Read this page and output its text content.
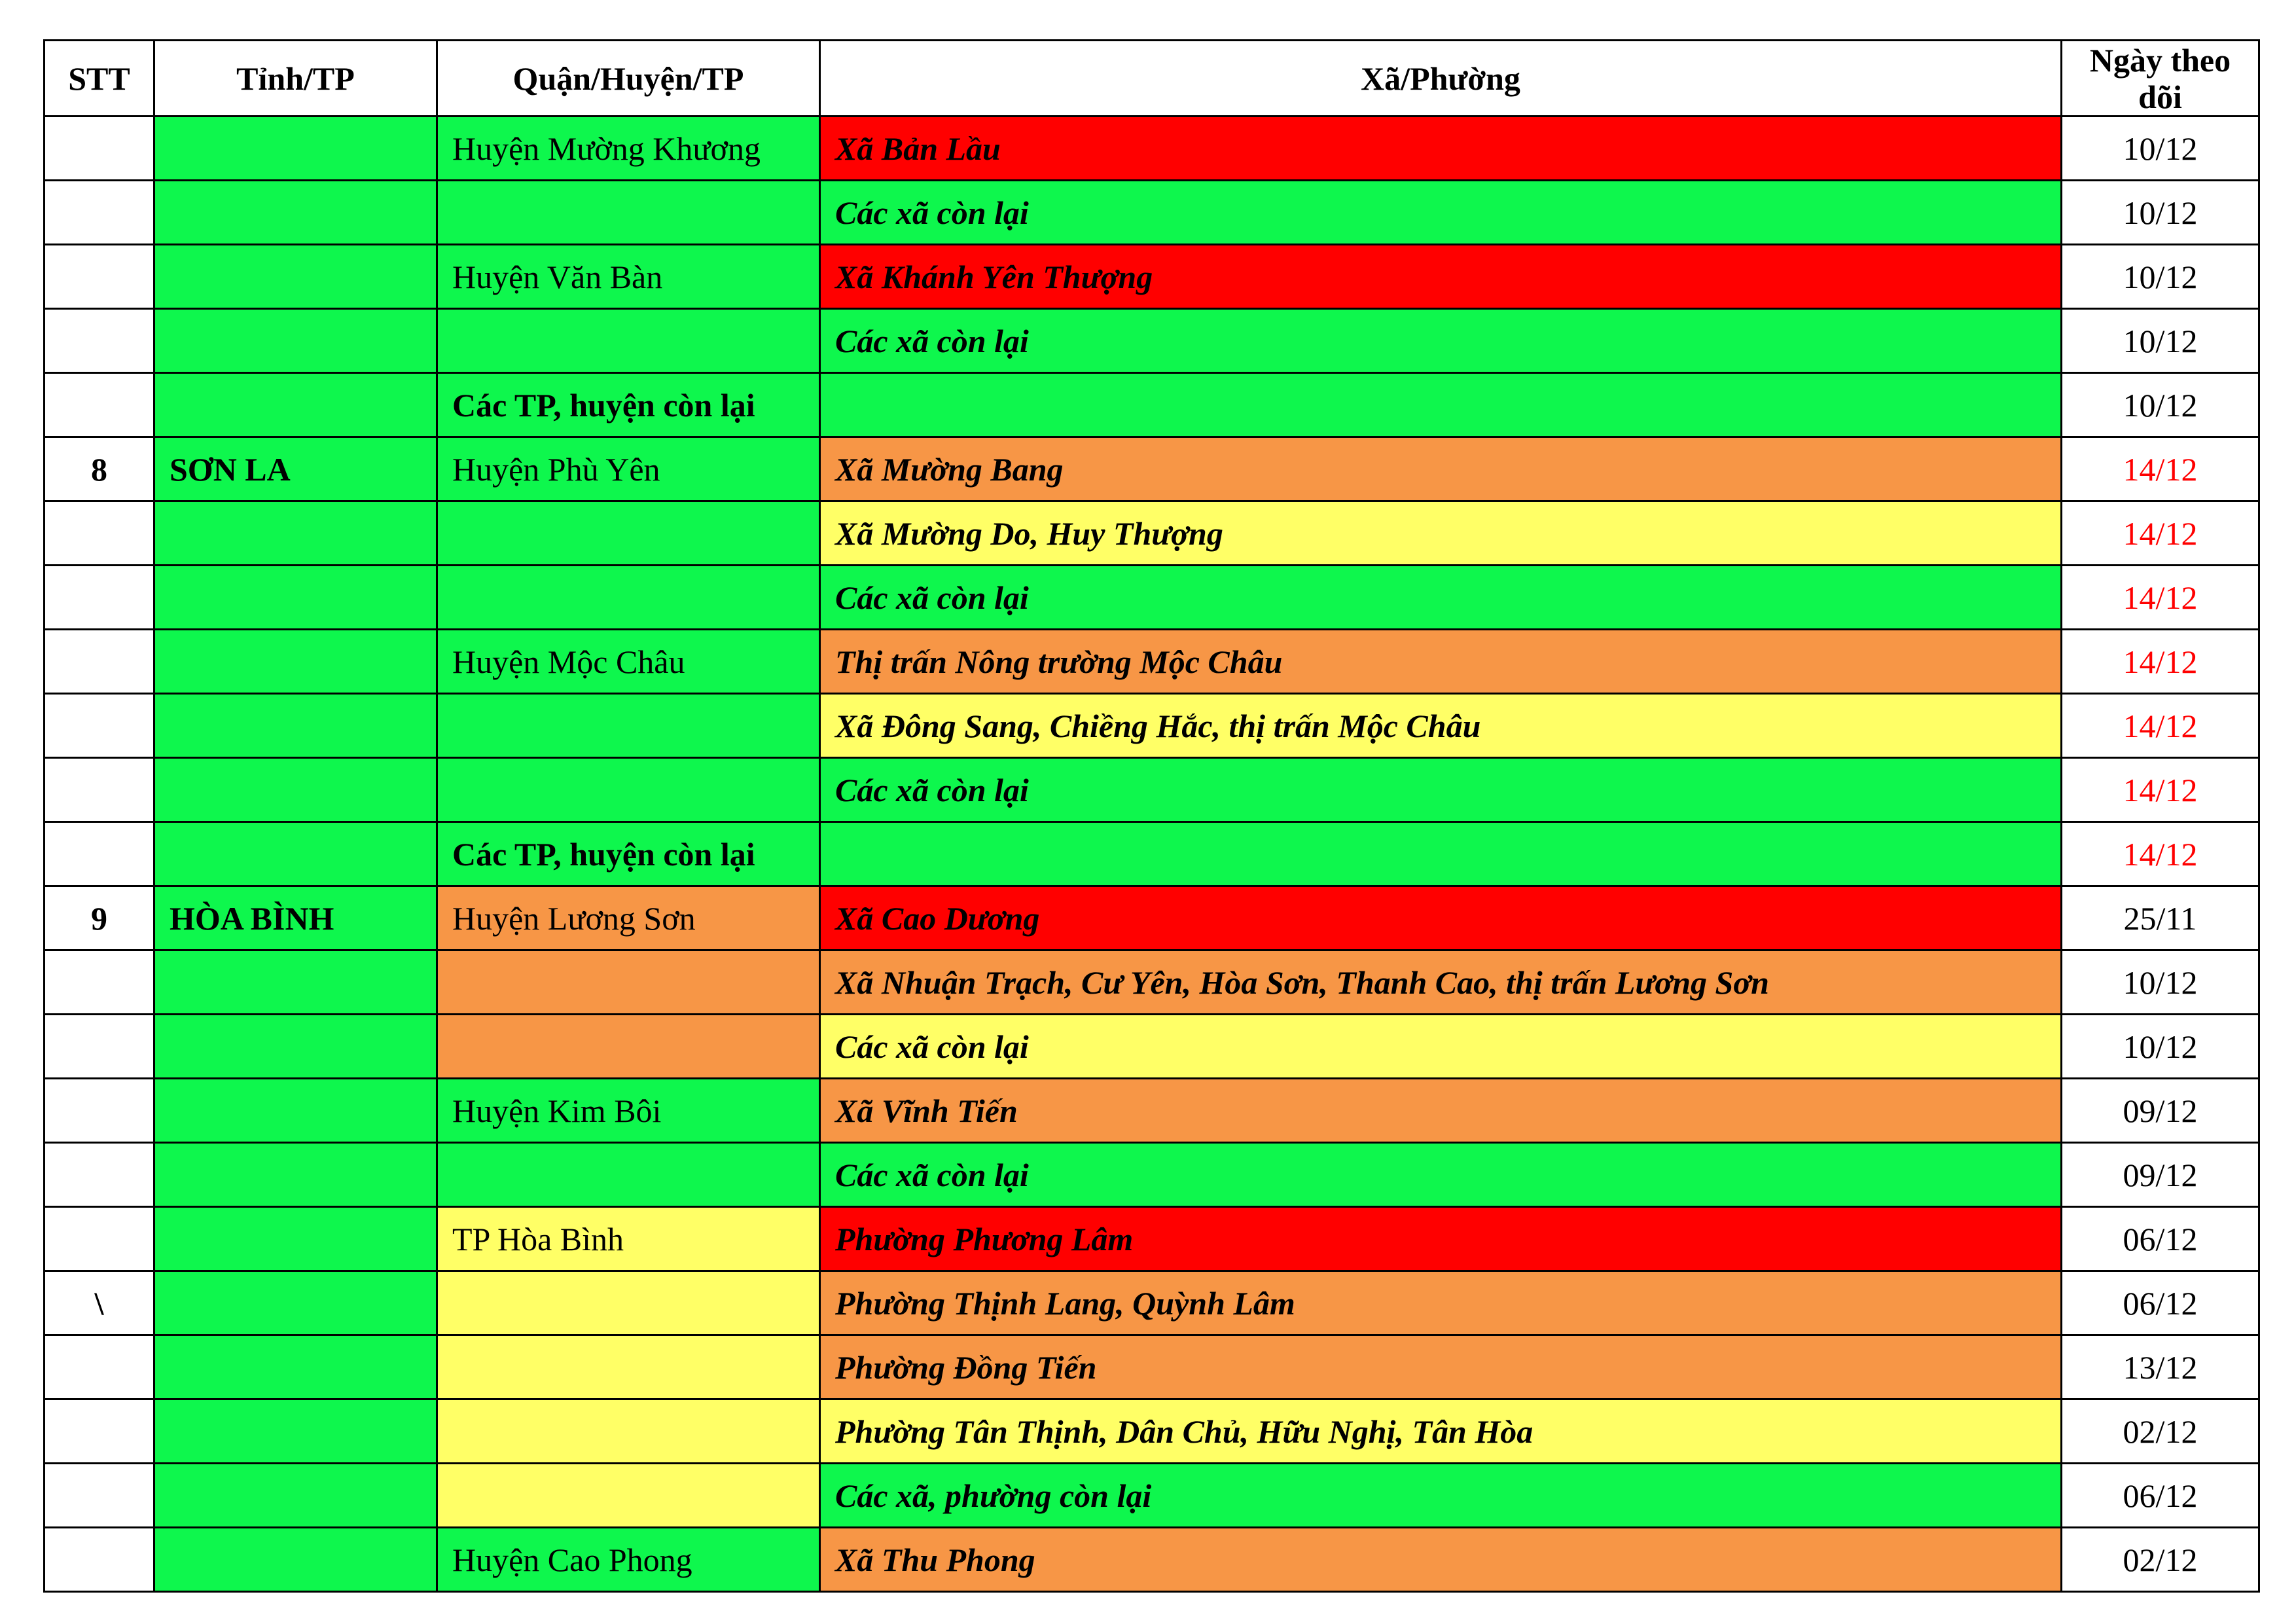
STT	Tỉnh/TP	Quận/Huyện/TP	Xã/Phường	Ngày theo dõi
		Huyện Mường Khương	Xã Bản Lầu	10/12
			Các xã còn lại	10/12
		Huyện Văn Bàn	Xã Khánh Yên Thượng	10/12
			Các xã còn lại	10/12
		Các TP, huyện còn lại		10/12
8	SƠN LA	Huyện Phù Yên	Xã Mường Bang	14/12
			Xã Mường Do, Huy Thượng	14/12
			Các xã còn lại	14/12
		Huyện Mộc Châu	Thị trấn Nông trường Mộc Châu	14/12
			Xã Đông Sang, Chiềng Hắc, thị trấn Mộc Châu	14/12
			Các xã còn lại	14/12
		Các TP, huyện còn lại		14/12
9	HÒA BÌNH	Huyện Lương Sơn	Xã Cao Dương	25/11
			Xã Nhuận Trạch, Cư Yên, Hòa Sơn, Thanh Cao, thị trấn Lương Sơn	10/12
			Các xã còn lại	10/12
		Huyện Kim Bôi	Xã Vĩnh Tiến	09/12
			Các xã còn lại	09/12
		TP Hòa Bình	Phường Phương Lâm	06/12
\			Phường Thịnh Lang, Quỳnh Lâm	06/12
			Phường Đồng Tiến	13/12
			Phường Tân Thịnh, Dân Chủ, Hữu Nghị, Tân Hòa	02/12
			Các xã, phường còn lại	06/12
		Huyện Cao Phong	Xã Thu Phong	02/12
